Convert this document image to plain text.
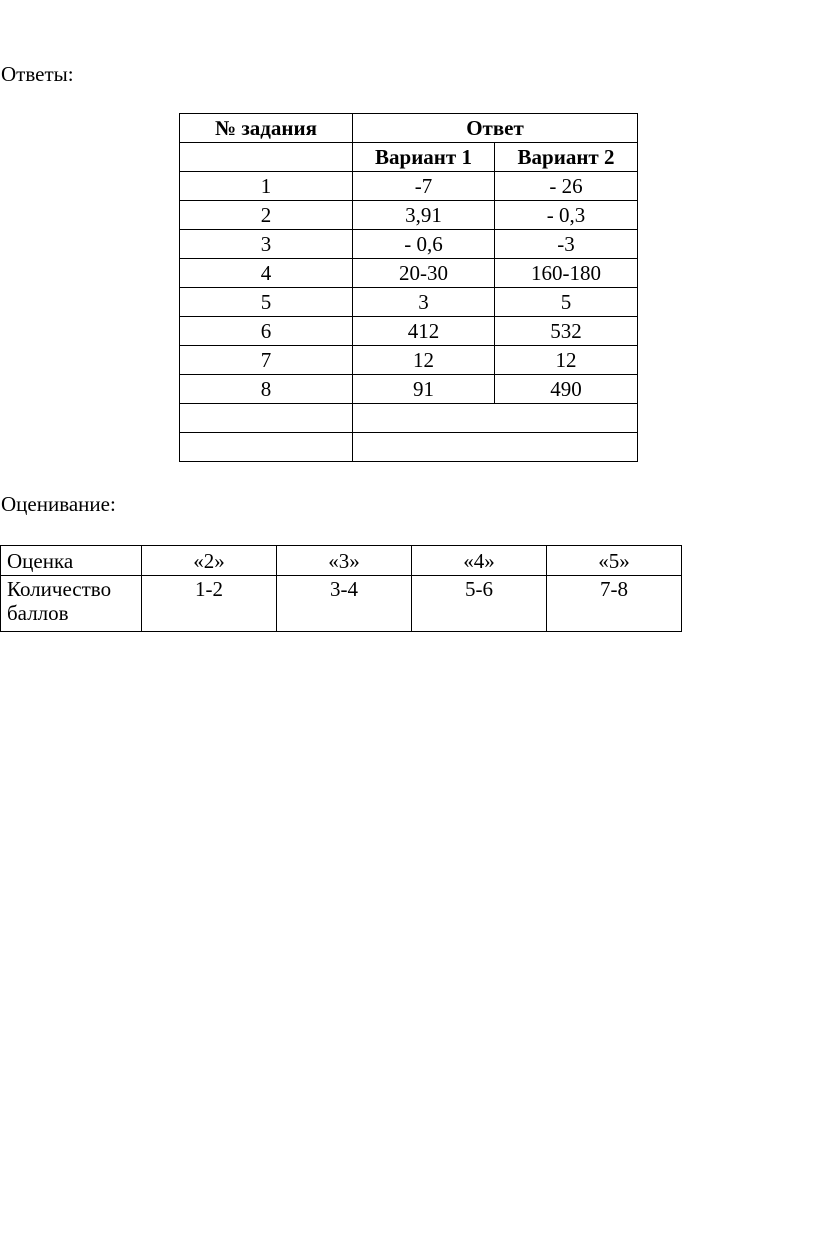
Ответы:

№ задания	Ответ	
	Вариант 1	Вариант 2
1	-7	- 26
2	3,91	- 0,3
3	- 0,6	-3
4	20-30	160-180
5	3	5
6	412	532
7	12	12
8	91	490

Оценивание:

Оценка	«2»	«3»	«4»	«5»
Количество баллов	1-2	3-4	5-6	7-8
